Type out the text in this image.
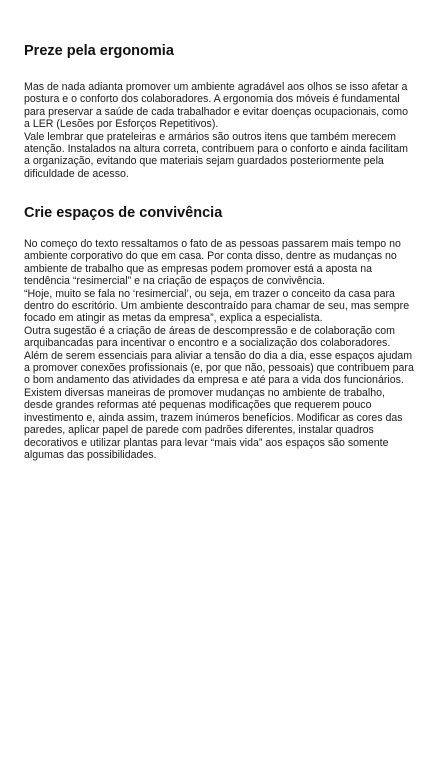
Preze pela ergonomia

Mas de nada adianta promover um ambiente agradável aos olhos se isso afetar a postura e o conforto dos colaboradores. A ergonomia dos móveis é fundamental para preservar a saúde de cada trabalhador e evitar doenças ocupacionais, como a LER (Lesões por Esforços Repetitivos).

Vale lembrar que prateleiras e armários são outros itens que também merecem atenção. Instalados na altura correta, contribuem para o conforto e ainda facilitam a organização, evitando que materiais sejam guardados posteriormente pela dificuldade de acesso.

Crie espaços de convivência

No começo do texto ressaltamos o fato de as pessoas passarem mais tempo no ambiente corporativo do que em casa. Por conta disso, dentre as mudanças no ambiente de trabalho que as empresas podem promover está a aposta na tendência “resimercial” e na criação de espaços de convivência.

“Hoje, muito se fala no ‘resimercial’, ou seja, em trazer o conceito da casa para dentro do escritório. Um ambiente descontraído para chamar de seu, mas sempre focado em atingir as metas da empresa”, explica a especialista.

Outra sugestão é a criação de áreas de descompressão e de colaboração com arquibancadas para incentivar o encontro e a socialização dos colaboradores.

Além de serem essenciais para aliviar a tensão do dia a dia, esse espaços ajudam a promover conexões profissionais (e, por que não, pessoais) que contribuem para o bom andamento das atividades da empresa e até para a vida dos funcionários.

Existem diversas maneiras de promover mudanças no ambiente de trabalho, desde grandes reformas até pequenas modificações que requerem pouco investimento e, ainda assim, trazem inúmeros benefícios. Modificar as cores das paredes, aplicar papel de parede com padrões diferentes, instalar quadros decorativos e utilizar plantas para levar “mais vida” aos espaços são somente algumas das possibilidades.
